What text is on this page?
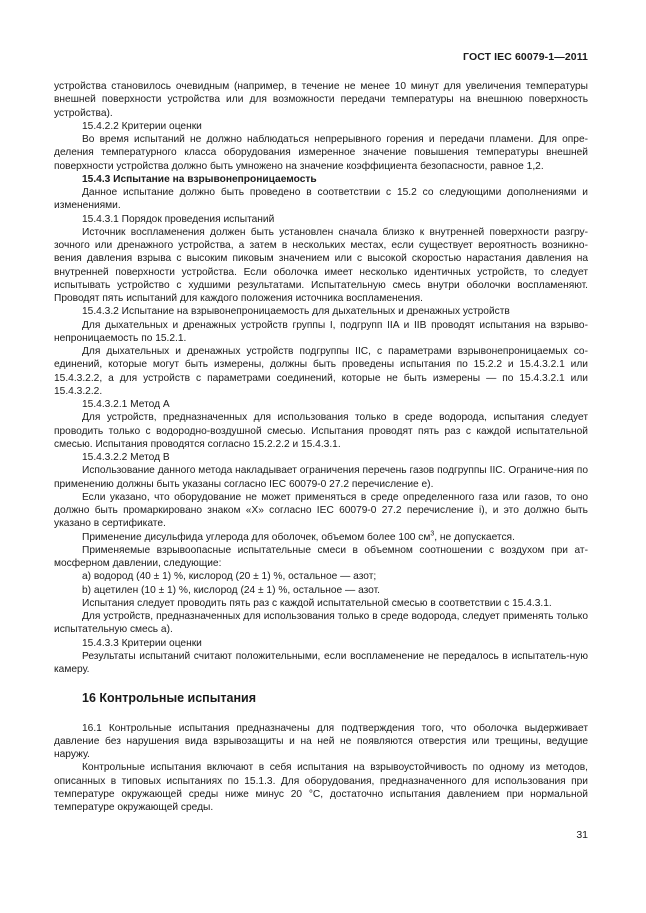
ГОСТ IEC 60079-1—2011

устройства становилось очевидным (например, в течение не менее 10 минут для увеличения температуры внешней поверхности устройства или для возможности передачи температуры на внешнюю поверхность устройства).

15.4.2.2 Критерии оценки

Во время испытаний не должно наблюдаться непрерывного горения и передачи пламени. Для опре-деления температурного класса оборудования измеренное значение повышения температуры внешней поверхности устройства должно быть умножено на значение коэффициента безопасности, равное 1,2.

15.4.3 Испытание на взрывонепроницаемость

Данное испытание должно быть проведено в соответствии с 15.2 со следующими дополнениями и изменениями.

15.4.3.1 Порядок проведения испытаний

Источник воспламенения должен быть установлен сначала близко к внутренней поверхности разгру-зочного или дренажного устройства, а затем в нескольких местах, если существует вероятность возникно-вения давления взрыва с высоким пиковым значением или с высокой скоростью нарастания давления на внутренней поверхности устройства. Если оболочка имеет несколько идентичных устройств, то следует испытывать устройство с худшими результатами. Испытательную смесь внутри оболочки воспламеняют. Проводят пять испытаний для каждого положения источника воспламенения.

15.4.3.2 Испытание на взрывонепроницаемость для дыхательных и дренажных устройств

Для дыхательных и дренажных устройств группы I, подгрупп IIA и IIB проводят испытания на взрыво-непроницаемость по 15.2.1.

Для дыхательных и дренажных устройств подгруппы IIC, с параметрами взрывонепроницаемых со-единений, которые могут быть измерены, должны быть проведены испытания по 15.2.2 и 15.4.3.2.1 или 15.4.3.2.2, а для устройств с параметрами соединений, которые не быть измерены — по 15.4.3.2.1 или 15.4.3.2.2.

15.4.3.2.1 Метод А

Для устройств, предназначенных для использования только в среде водорода, испытания следует проводить только с водородно-воздушной смесью. Испытания проводят пять раз с каждой испытательной смесью. Испытания проводятся согласно 15.2.2.2 и 15.4.3.1.

15.4.3.2.2 Метод В

Использование данного метода накладывает ограничения перечень газов подгруппы IIC. Ограниче-ния по применению должны быть указаны согласно IEC 60079-0 27.2 перечисление е).

Если указано, что оборудование не может применяться в среде определенного газа или газов, то оно должно быть промаркировано знаком «X» согласно IEC 60079-0 27.2 перечисление i), и это должно быть указано в сертификате.

Применение дисульфида углерода для оболочек, объемом более 100 $см^3$, не допускается.

Применяемые взрывоопасные испытательные смеси в объемном соотношении с воздухом при ат-мосферном давлении, следующие:

a) водород (40 ± 1) %, кислород (20 ± 1) %, остальное — азот;

b) ацетилен (10 ± 1) %, кислород (24 ± 1) %, остальное — азот.

Испытания следует проводить пять раз с каждой испытательной смесью в соответствии с 15.4.3.1.

Для устройств, предназначенных для использования только в среде водорода, следует применять только испытательную смесь а).

15.4.3.3 Критерии оценки

Результаты испытаний считают положительными, если воспламенение не передалось в испытатель-ную камеру.

16 Контрольные испытания

16.1 Контрольные испытания предназначены для подтверждения того, что оболочка выдерживает давление без нарушения вида взрывозащиты и на ней не появляются отверстия или трещины, ведущие наружу.

Контрольные испытания включают в себя испытания на взрывоустойчивость по одному из методов, описанных в типовых испытаниях по 15.1.3. Для оборудования, предназначенного для использования при температуре окружающей среды ниже минус 20 °С, достаточно испытания давлением при нормальной температуре окружающей среды.

31
